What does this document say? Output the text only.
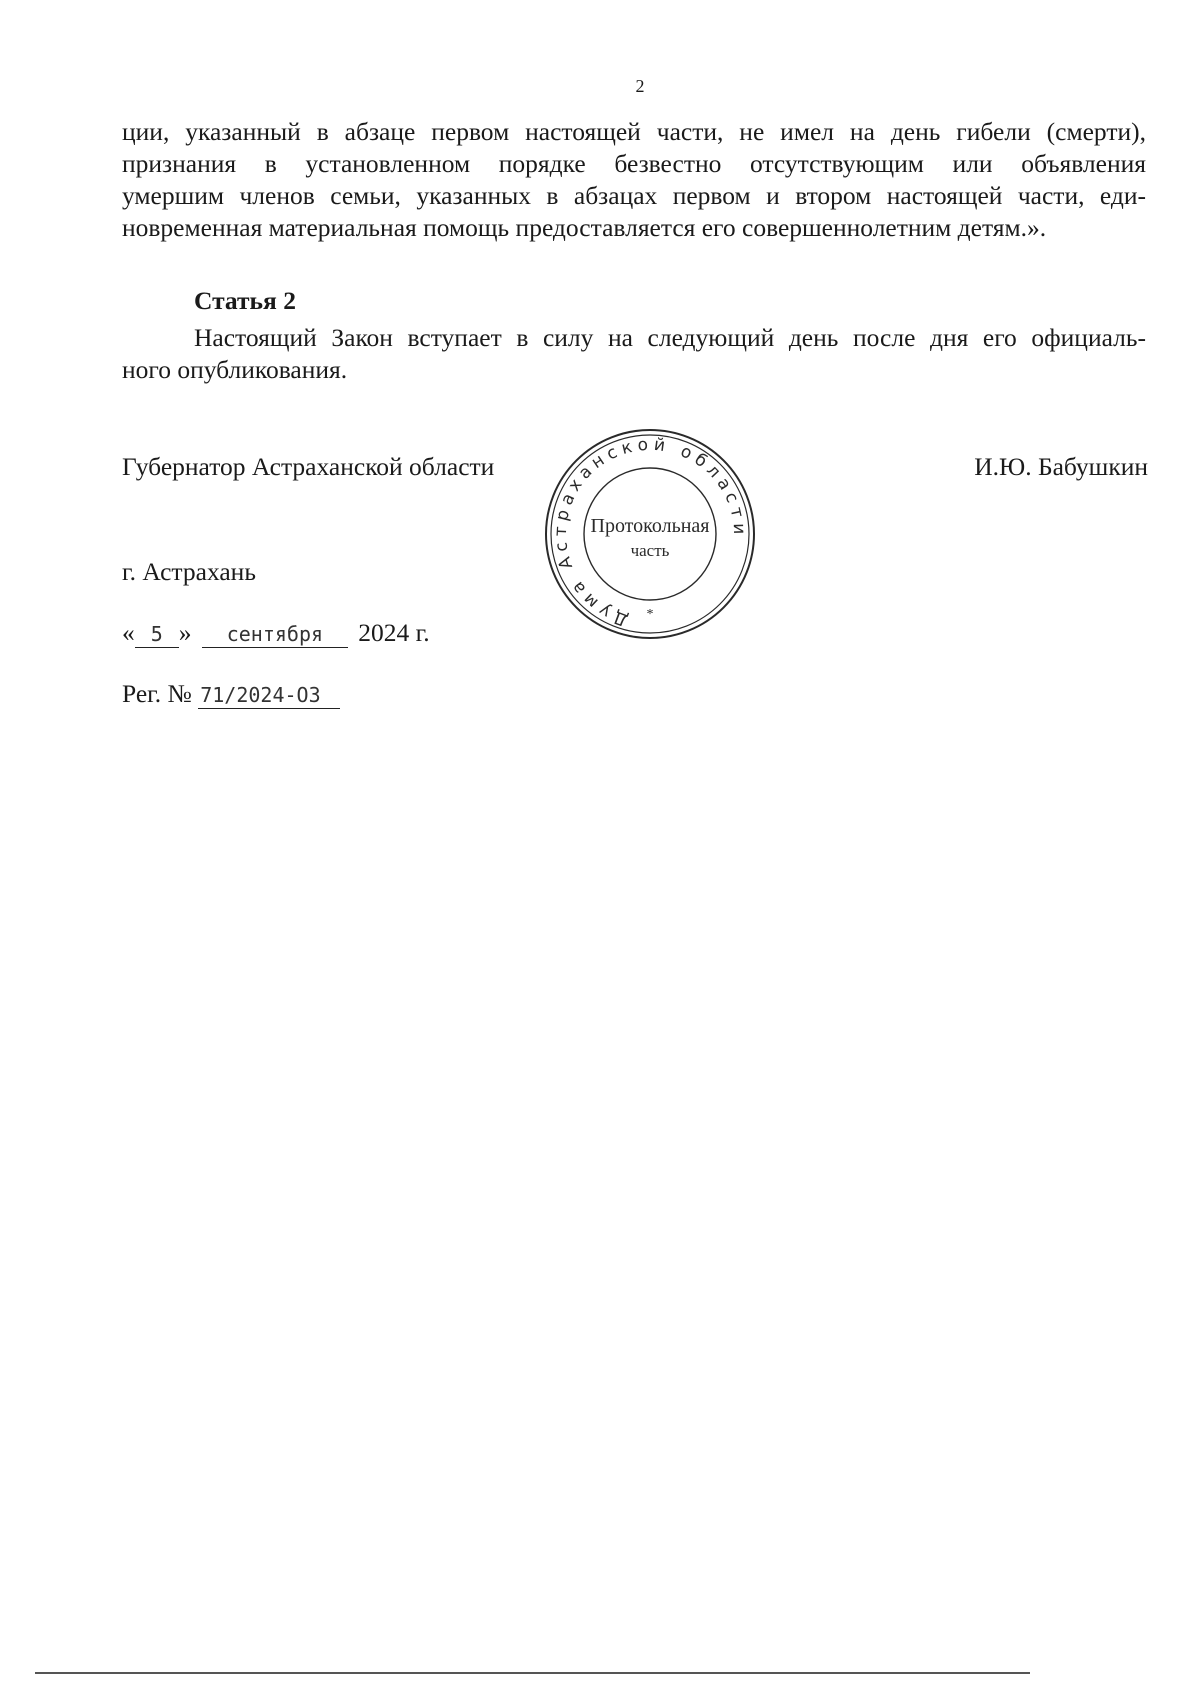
2
ции, указанный в абзаце первом настоящей части, не имел на день гибели (смерти),
признания в установленном порядке безвестно отсутствующим или объявления
умершим членов семьи, указанных в абзацах первом и втором настоящей части, еди-
новременная материальная помощь предоставляется его совершеннолетним детям.».
Статья 2
Настоящий Закон вступает в силу на следующий день после дня его официаль-
ного опубликования.
Губернатор Астраханской области	И.Ю. Бабушкин
Дума Астраханской области
*
Протокольная
часть
г. Астрахань
« 5 » сентября 2024 г.
Рег. № 71/2024-ОЗ
